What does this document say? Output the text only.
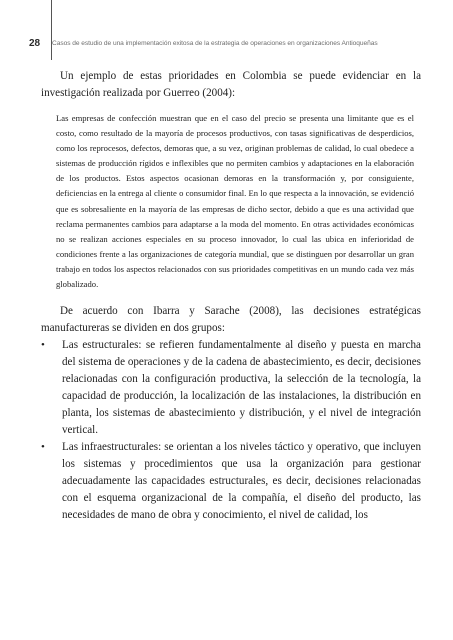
28	Casos de estudio de una implementación exitosa de la estrategia de operaciones en organizaciones Antioqueñas

Un ejemplo de estas prioridades en Colombia se puede evidenciar en la investigación realizada por Guerreo (2004):

Las empresas de confección muestran que en el caso del precio se presenta una limitante que es el costo, como resultado de la mayoría de procesos productivos, con tasas significativas de desperdicios, como los reprocesos, defectos, demoras que, a su vez, originan problemas de calidad, lo cual obedece a sistemas de producción rígidos e inflexibles que no permiten cambios y adaptaciones en la elaboración de los productos. Estos aspectos ocasionan demoras en la transformación y, por consiguiente, deficiencias en la entrega al cliente o consumidor final. En lo que respecta a la innovación, se evidenció que es sobresaliente en la mayoría de las empresas de dicho sector, debido a que es una actividad que reclama permanentes cambios para adaptarse a la moda del momento. En otras actividades económicas no se realizan acciones especiales en su proceso innovador, lo cual las ubica en inferioridad de condiciones frente a las organizaciones de categoría mundial, que se distinguen por desarrollar un gran trabajo en todos los aspectos relacionados con sus prioridades competitivas en un mundo cada vez más globalizado.

De acuerdo con Ibarra y Sarache (2008), las decisiones estratégicas manufactureras se dividen en dos grupos:

• Las estructurales: se refieren fundamentalmente al diseño y puesta en marcha del sistema de operaciones y de la cadena de abastecimiento, es decir, decisiones relacionadas con la configuración productiva, la selección de la tecnología, la capacidad de producción, la localización de las instalaciones, la distribución en planta, los sistemas de abastecimiento y distribución, y el nivel de integración vertical.
• Las infraestructurales: se orientan a los niveles táctico y operativo, que incluyen los sistemas y procedimientos que usa la organización para gestionar adecuadamente las capacidades estructurales, es decir, decisiones relacionadas con el esquema organizacional de la compañía, el diseño del producto, las necesidades de mano de obra y conocimiento, el nivel de calidad, los
